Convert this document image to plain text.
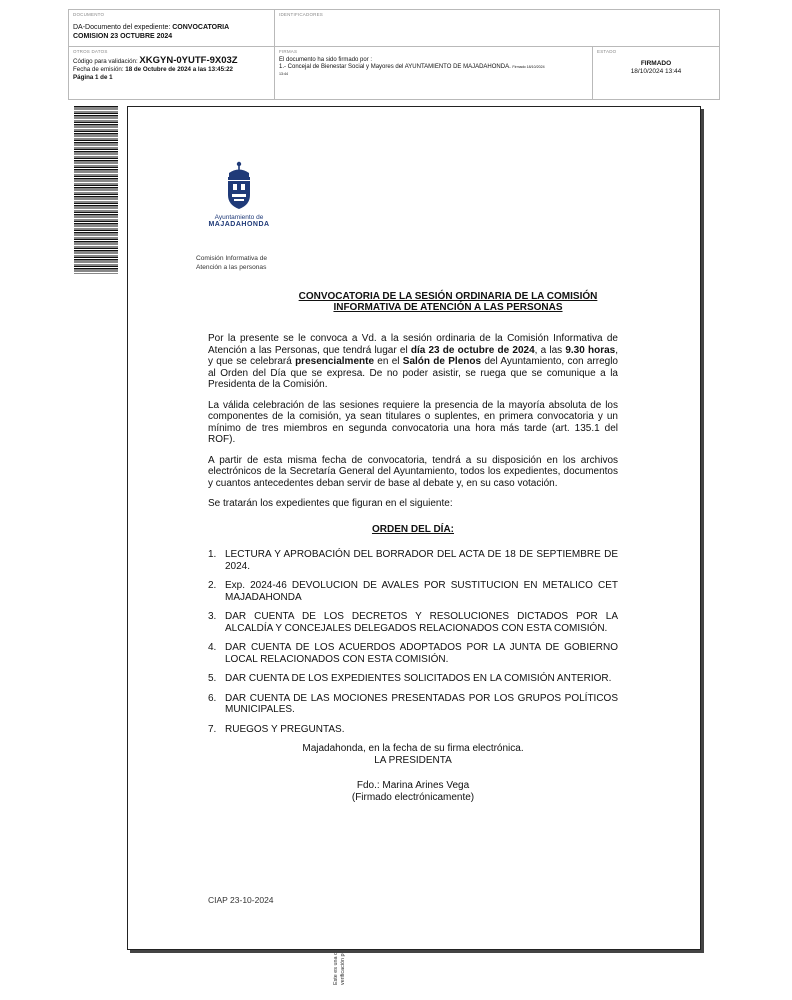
DOCUMENTO
DA-Documento del expediente: CONVOCATORIA
COMISION 23 OCTUBRE 2024
IDENTIFICADORES
OTROS DATOS
Código para validación: XKGYN-0YUTF-9X03Z
Fecha de emisión: 18 de Octubre de 2024 a las 13:45:22
Página 1 de 1
FIRMAS
El documento ha sido firmado por :
1.- Concejal de Bienestar Social y Mayores del AYUNTAMIENTO DE MAJADAHONDA. Firmado 18/10/2024
13:44
ESTADO
FIRMADO
18/10/2024 13:44
Ayuntamiento de
MAJADAHONDA
Comisión Informativa de
Atención a las personas
CONVOCATORIA DE LA SESIÓN ORDINARIA DE LA COMISIÓN
INFORMATIVA DE ATENCIÓN A LAS PERSONAS

Por la presente se le convoca a Vd. a la sesión ordinaria de la Comisión Informativa de Atención a las Personas, que tendrá lugar el día 23 de octubre de 2024, a las 9.30 horas, y que se celebrará presencialmente en el Salón de Plenos del Ayuntamiento, con arreglo al Orden del Día que se expresa. De no poder asistir, se ruega que se comunique a la Presidenta de la Comisión.

La válida celebración de las sesiones requiere la presencia de la mayoría absoluta de los componentes de la comisión, ya sean titulares o suplentes, en primera convocatoria y un mínimo de tres miembros en segunda convocatoria una hora más tarde (art. 135.1 del ROF).

A partir de esta misma fecha de convocatoria, tendrá a su disposición en los archivos electrónicos de la Secretaría General del Ayuntamiento, todos los expedientes, documentos y cuantos antecedentes deban servir de base al debate y, en su caso votación.

Se tratarán los expedientes que figuran en el siguiente:

ORDEN DEL DÍA:
1. LECTURA Y APROBACIÓN DEL BORRADOR DEL ACTA DE 18 DE SEPTIEMBRE DE 2024.
2. Exp. 2024-46 DEVOLUCION DE AVALES POR SUSTITUCION EN METALICO CET MAJADAHONDA
3. DAR CUENTA DE LOS DECRETOS Y RESOLUCIONES DICTADOS POR LA ALCALDÍA Y CONCEJALES DELEGADOS RELACIONADOS CON ESTA COMISIÓN.
4. DAR CUENTA DE LOS ACUERDOS ADOPTADOS POR LA JUNTA DE GOBIERNO LOCAL RELACIONADOS CON ESTA COMISIÓN.
5. DAR CUENTA DE LOS EXPEDIENTES SOLICITADOS EN LA COMISIÓN ANTERIOR.
6. DAR CUENTA DE LAS MOCIONES PRESENTADAS POR LOS GRUPOS POLÍTICOS MUNICIPALES.
7. RUEGOS Y PREGUNTAS.
Majadahonda, en la fecha de su firma electrónica.
LA PRESIDENTA
Fdo.: Marina Arines Vega
(Firmado electrónicamente)
CIAP 23-10-2024
